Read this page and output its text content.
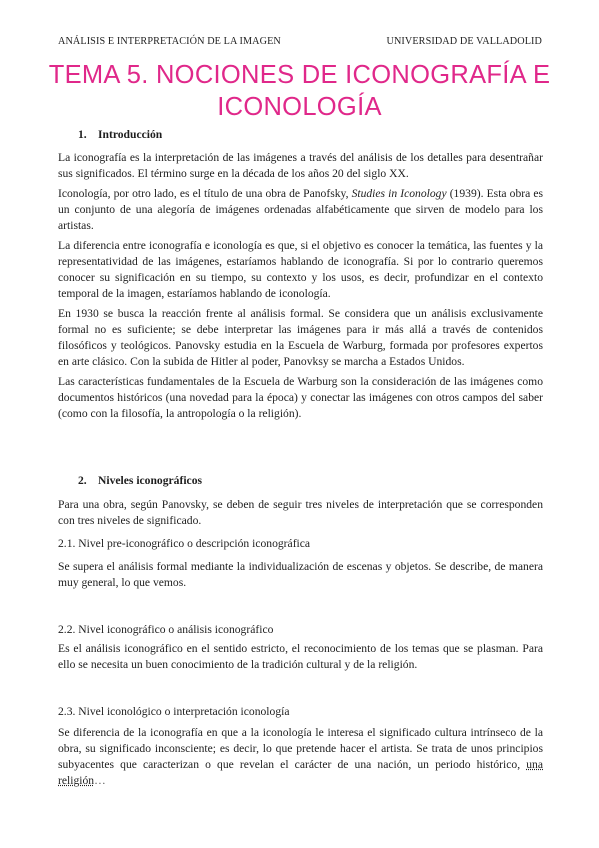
ANÁLISIS E INTERPRETACIÓN DE LA IMAGEN	UNIVERSIDAD DE VALLADOLID
TEMA 5. NOCIONES DE ICONOGRAFÍA E
ICONOLOGÍA
1. Introducción
La iconografía es la interpretación de las imágenes a través del análisis de los detalles para desentrañar sus significados. El término surge en la década de los años 20 del siglo XX.
Iconología, por otro lado, es el título de una obra de Panofsky, Studies in Iconology (1939). Esta obra es un conjunto de una alegoría de imágenes ordenadas alfabéticamente que sirven de modelo para los artistas.
La diferencia entre iconografía e iconología es que, si el objetivo es conocer la temática, las fuentes y la representatividad de las imágenes, estaríamos hablando de iconografía. Si por lo contrario queremos conocer su significación en su tiempo, su contexto y los usos, es decir, profundizar en el contexto temporal de la imagen, estaríamos hablando de iconología.
En 1930 se busca la reacción frente al análisis formal. Se considera que un análisis exclusivamente formal no es suficiente; se debe interpretar las imágenes para ir más allá a través de contenidos filosóficos y teológicos. Panovsky estudia en la Escuela de Warburg, formada por profesores expertos en arte clásico. Con la subida de Hitler al poder, Panovksy se marcha a Estados Unidos.
Las características fundamentales de la Escuela de Warburg son la consideración de las imágenes como documentos históricos (una novedad para la época) y conectar las imágenes con otros campos del saber (como con la filosofía, la antropología o la religión).
2. Niveles iconográficos
Para una obra, según Panovsky, se deben de seguir tres niveles de interpretación que se corresponden con tres niveles de significado.
2.1. Nivel pre-iconográfico o descripción iconográfica
Se supera el análisis formal mediante la individualización de escenas y objetos. Se describe, de manera muy general, lo que vemos.
2.2. Nivel iconográfico o análisis iconográfico
Es el análisis iconográfico en el sentido estricto, el reconocimiento de los temas que se plasman. Para ello se necesita un buen conocimiento de la tradición cultural y de la religión.
2.3. Nivel iconológico o interpretación iconología
Se diferencia de la iconografía en que a la iconología le interesa el significado cultura intrínseco de la obra, su significado inconsciente; es decir, lo que pretende hacer el artista. Se trata de unos principios subyacentes que caracterizan o que revelan el carácter de una nación, un periodo histórico, una religión…
